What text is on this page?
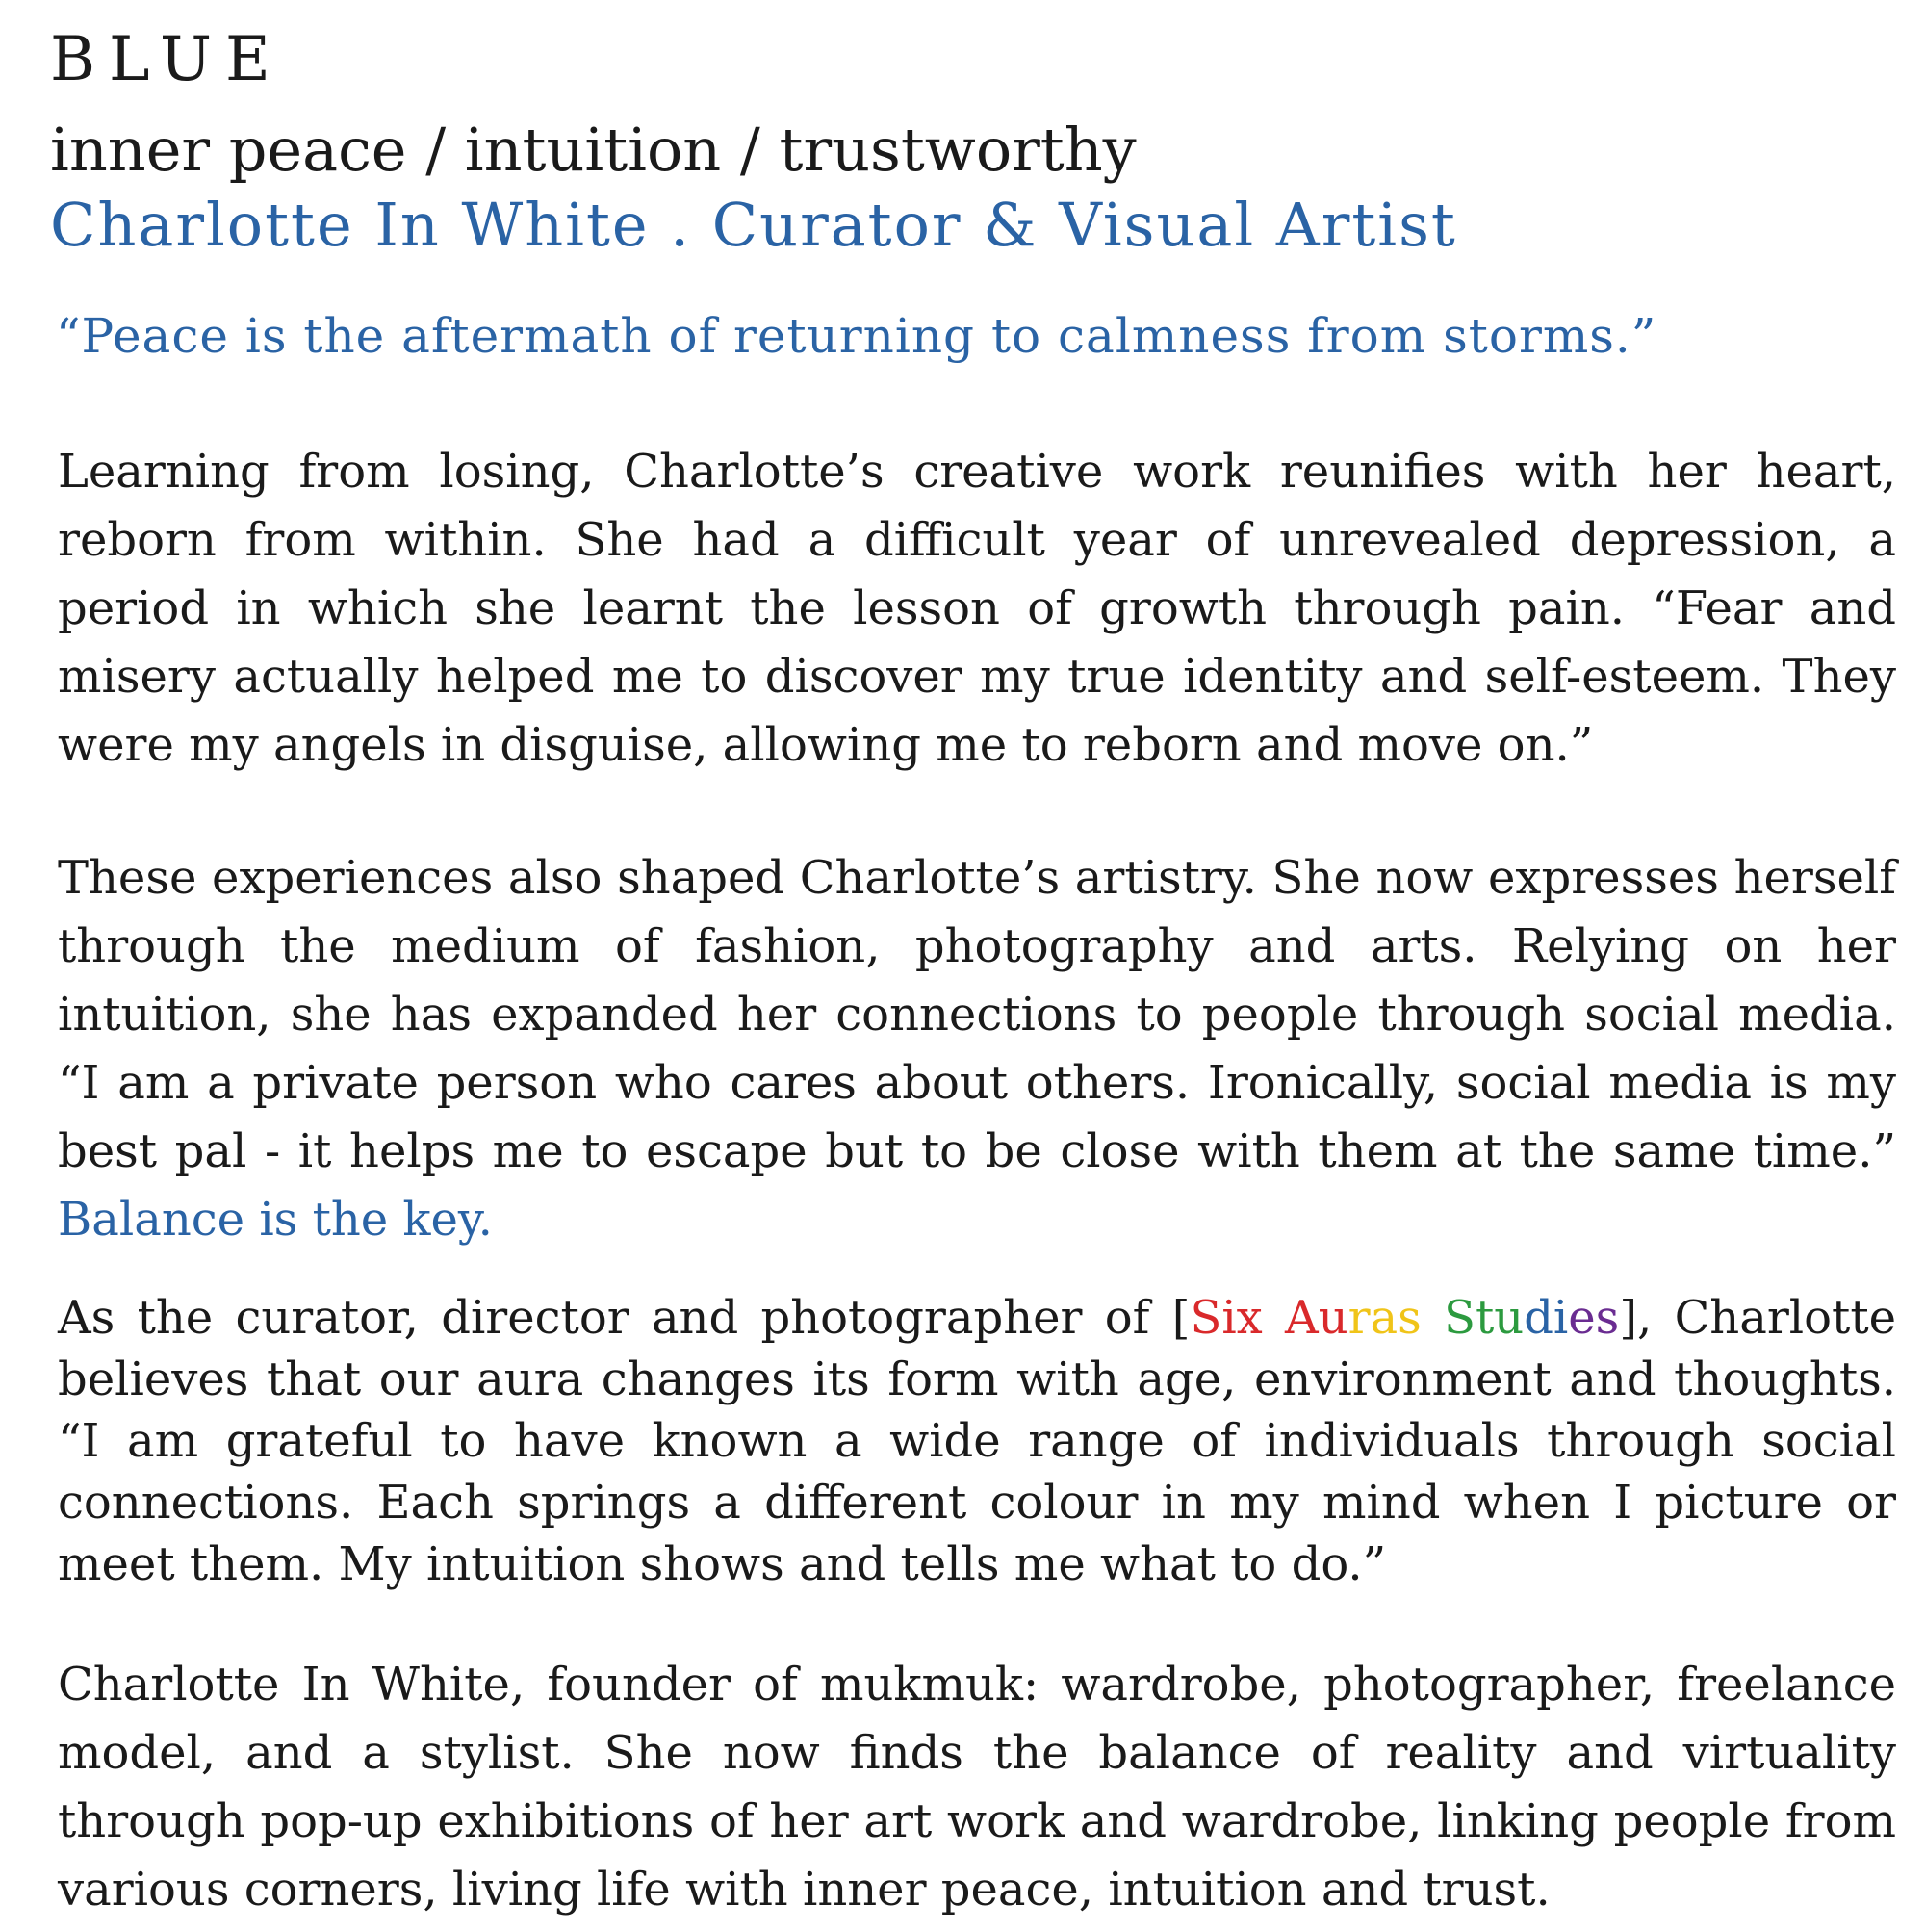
BLUE
inner peace / intuition / trustworthy
Charlotte In White . Curator & Visual Artist

“Peace is the aftermath of returning to calmness from storms.”

Learning from losing, Charlotte’s creative work reunifies with her heart, reborn from within. She had a difficult year of unrevealed depression, a period in which she learnt the lesson of growth through pain. “Fear and misery actually helped me to discover my true identity and self-esteem. They were my angels in disguise, allowing me to reborn and move on.”

These experiences also shaped Charlotte’s artistry. She now expresses herself through the medium of fashion, photography and arts. Relying on her intuition, she has expanded her connections to people through social media. “I am a private person who cares about others. Ironically, social media is my best pal - it helps me to escape but to be close with them at the same time.” Balance is the key.

As the curator, director and photographer of [Six Auras Studies], Charlotte believes that our aura changes its form with age, environment and thoughts. “I am grateful to have known a wide range of individuals through social connections. Each springs a different colour in my mind when I picture or meet them. My intuition shows and tells me what to do.”

Charlotte In White, founder of mukmuk: wardrobe, photographer, freelance model, and a stylist. She now finds the balance of reality and virtuality through pop-up exhibitions of her art work and wardrobe, linking people from various corners, living life with inner peace, intuition and trust.
